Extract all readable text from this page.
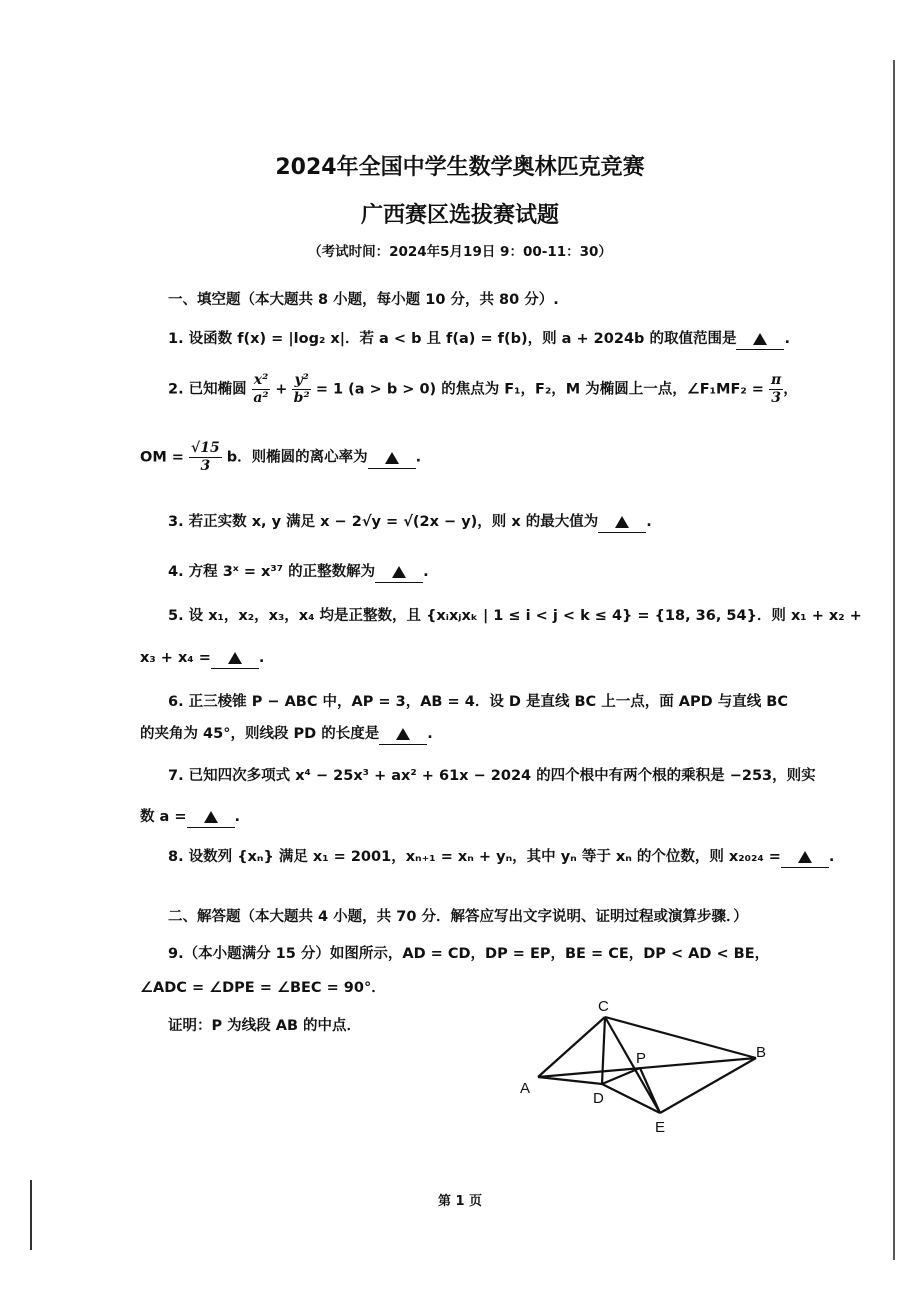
2024年全国中学生数学奥林匹克竞赛
广西赛区选拔赛试题
（考试时间：2024年5月19日 9：00-11：30）
一、填空题（本大题共 8 小题，每小题 10 分，共 80 分）.
1. 设函数 f(x) = |log₂ x|．若 a < b 且 f(a) = f(b)，则 a + 2024b 的取值范围是	.
2. 已知椭圆 $\frac{\text{x²}}{\text{a²}} + \frac{\text{y²}}{\text{b²}} = 1$ (a > b > 0) 的焦点为 F₁，F₂，M 为椭圆上一点，∠F₁MF₂ = $\frac{\pi}{3}$ ，
OM = $\frac{√15}{3}$ b．则椭圆的离心率为	.
3. 若正实数 x, y 满足 x − 2√y = √(2x − y)，则 x 的最大值为	.
4. 方程 3ˣ = x³⁷ 的正整数解为	.
5. 设 x₁，x₂，x₃，x₄ 均是正整数，且 {xᵢxⱼxₖ | 1 ≤ i < j < k ≤ 4} = {18, 36, 54}．则 x₁ + x₂ +
x₃ + x₄ =	.
6. 正三棱锥 P − ABC 中，AP = 3，AB = 4．设 D 是直线 BC 上一点，面 APD 与直线 BC
的夹角为 45°，则线段 PD 的长度是	.
7. 已知四次多项式 x⁴ − 25x³ + ax² + 61x − 2024 的四个根中有两个根的乘积是 −253，则实
数 a =	.
8. 设数列 {xₙ} 满足 x₁ = 2001，xₙ₊₁ = xₙ + yₙ，其中 yₙ 等于 xₙ 的个位数，则 x₂₀₂₄ =	.
二、解答题（本大题共 4 小题，共 70 分．解答应写出文字说明、证明过程或演算步骤．）
9.（本小题满分 15 分）如图所示，AD = CD，DP = EP，BE = CE，DP < AD < BE，
∠ADC = ∠DPE = ∠BEC = 90°．
证明：P 为线段 AB 的中点．
A
B
C
D
E
P
第 1 页
